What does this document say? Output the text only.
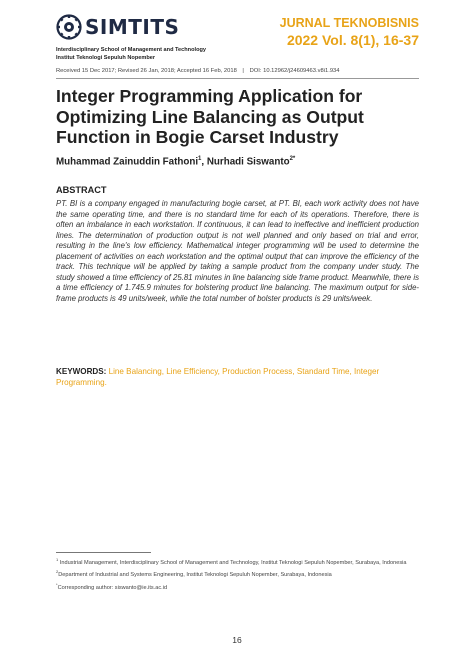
SIMTITS	JURNAL TEKNOBISNIS
2022 Vol. 8(1), 16-37
Interdisciplinary School of Management and Technology
Institut Teknologi Sepuluh Nopember
Received 15 Dec 2017; Revised 26 Jan, 2018; Accepted 16 Feb, 2018 | DOI: 10.12962/j24609463.v8i1.934
Integer Programming Application for Optimizing Line Balancing as Output Function in Bogie Carset Industry
Muhammad Zainuddin Fathoni$^1$, Nurhadi Siswanto$^{2*}$
ABSTRACT
PT. BI is a company engaged in manufacturing bogie carset, at PT. BI, each work activity does not have the same operating time, and there is no standard time for each of its operations. Therefore, there is often an imbalance in each workstation. If continuous, it can lead to ineffective and inefficient production lines. The determination of production output is not well planned and only based on trial and error, resulting in the line's low efficiency. Mathematical integer programming will be used to determine the placement of activities on each workstation and the optimal output that can improve the efficiency of the track. This technique will be applied by taking a sample product from the company under study. The study showed a time efficiency of 25.81 minutes in line balancing side frame product. Meanwhile, there is a time efficiency of 1.745.9 minutes for bolstering product line balancing. The maximum output for side-frame products is 49 units/week, while the total number of bolster products is 29 units/week.
KEYWORDS: Line Balancing, Line Efficiency, Production Process, Standard Time, Integer Programming.
$^1$ Industrial Management, Interdisciplinary School of Management and Technology, Institut Teknologi Sepuluh Nopember, Surabaya, Indonesia
$^2$Department of Industrial and Systems Engineering, Institut Teknologi Sepuluh Nopember, Surabaya, Indonesia
*Corresponding author: siswanto@ie.its.ac.id
16
